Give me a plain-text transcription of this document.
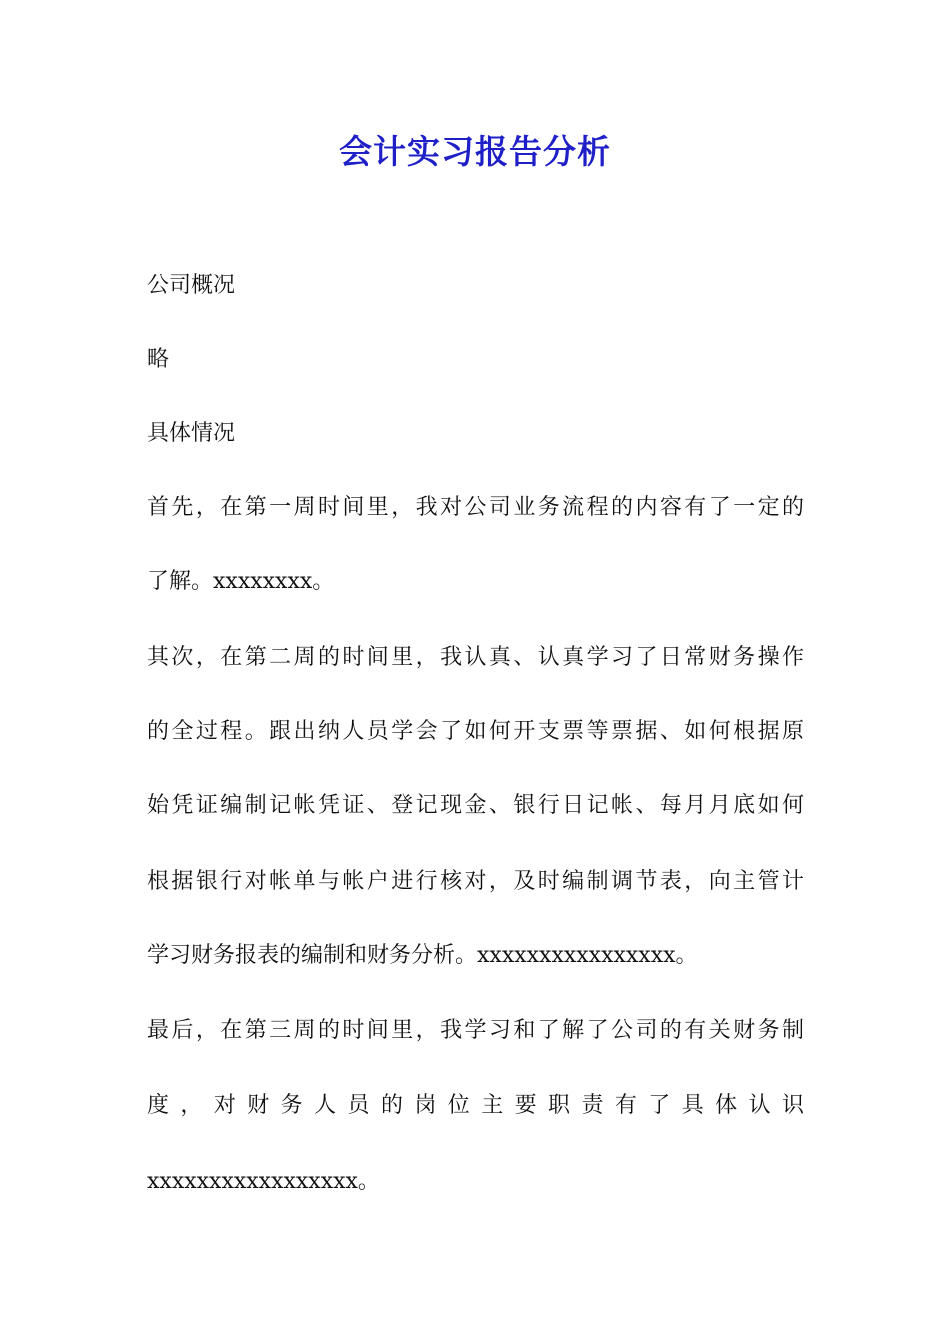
会计实习报告分析

公司概况

略

具体情况

首先，在第一周时间里，我对公司业务流程的内容有了一定的

了解。xxxxxxxx。

其次，在第二周的时间里，我认真、认真学习了日常财务操作

的全过程。跟出纳人员学会了如何开支票等票据、如何根据原

始凭证编制记帐凭证、登记现金、银行日记帐、每月月底如何

根据银行对帐单与帐户进行核对，及时编制调节表，向主管计

学习财务报表的编制和财务分析。xxxxxxxxxxxxxxxx。

最后，在第三周的时间里，我学习和了解了公司的有关财务制

度，对财务人员的岗位主要职责有了具体认识

xxxxxxxxxxxxxxxxx。
